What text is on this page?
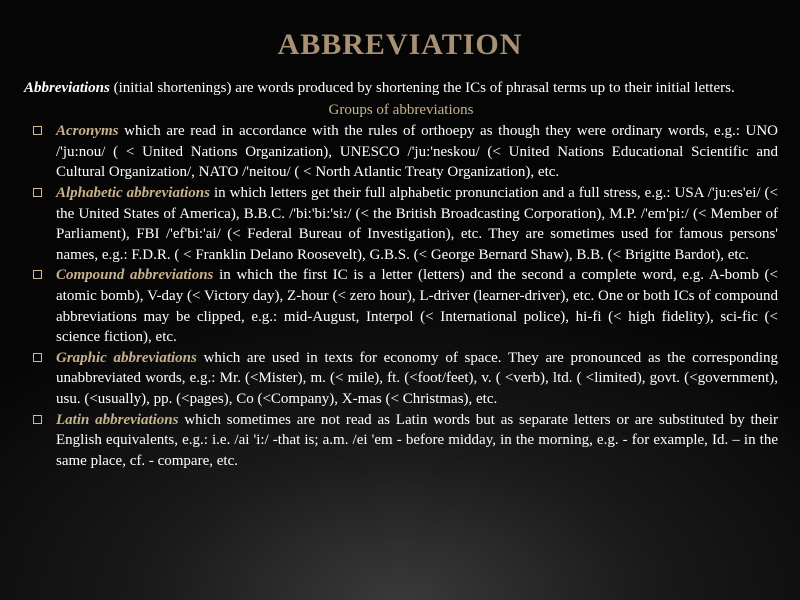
ABBREVIATION

Abbreviations (initial shortenings) are words produced by shortening the ICs of phrasal terms up to their initial letters.

Groups of abbreviations
Acronyms which are read in accordance with the rules of orthoepy as though they were ordinary words, e.g.: UNO /'ju:nou/ ( < United Nations Organization), UNESCO /'ju:'neskou/ (< United Nations Educational Scientific and Cultural Organization/, NATO /'neitou/ ( < North Atlantic Treaty Organization), etc.
Alphabetic abbreviations in which letters get their full alphabetic pronunciation and a full stress, e.g.: USA /'ju:es'ei/ (< the United States of America), B.B.C. /'bi:'bi:'si:/ (< the British Broadcasting Corporation), M.P. /'em'pi:/ (< Member of Parliament), FBI /'ef'bi:'ai/ (< Federal Bureau of Investigation), etc. They are sometimes used for famous persons' names, e.g.: F.D.R. ( < Franklin Delano Roosevelt), G.B.S. (< George Bernard Shaw), B.B. (< Brigitte Bardot), etc.
Compound abbreviations in which the first IC is a letter (letters) and the second a complete word, e.g. A-bomb (< atomic bomb), V-day (< Victory day), Z-hour (< zero hour), L-driver (learner-driver), etc. One or both ICs of compound abbreviations may be clipped, e.g.: mid-August, Interpol (< International police), hi-fi (< high fidelity), sci-fic (< science fiction), etc.
Graphic abbreviations which are used in texts for economy of space. They are pronounced as the corresponding unabbreviated words, e.g.: Mr. (<Mister), m. (< mile), ft. (<foot/feet), v. ( <verb), ltd. ( <limited), govt. (<government), usu. (<usually), pp. (<pages), Co (<Company), X-mas (< Christmas), etc.
Latin abbreviations which sometimes are not read as Latin words but as separate letters or are substituted by their English equivalents, e.g.: i.e. /ai 'i:/ -that is; a.m. /ei 'em - before midday, in the morning, e.g. - for example, Id. – in the same place, cf. - compare, etc.
